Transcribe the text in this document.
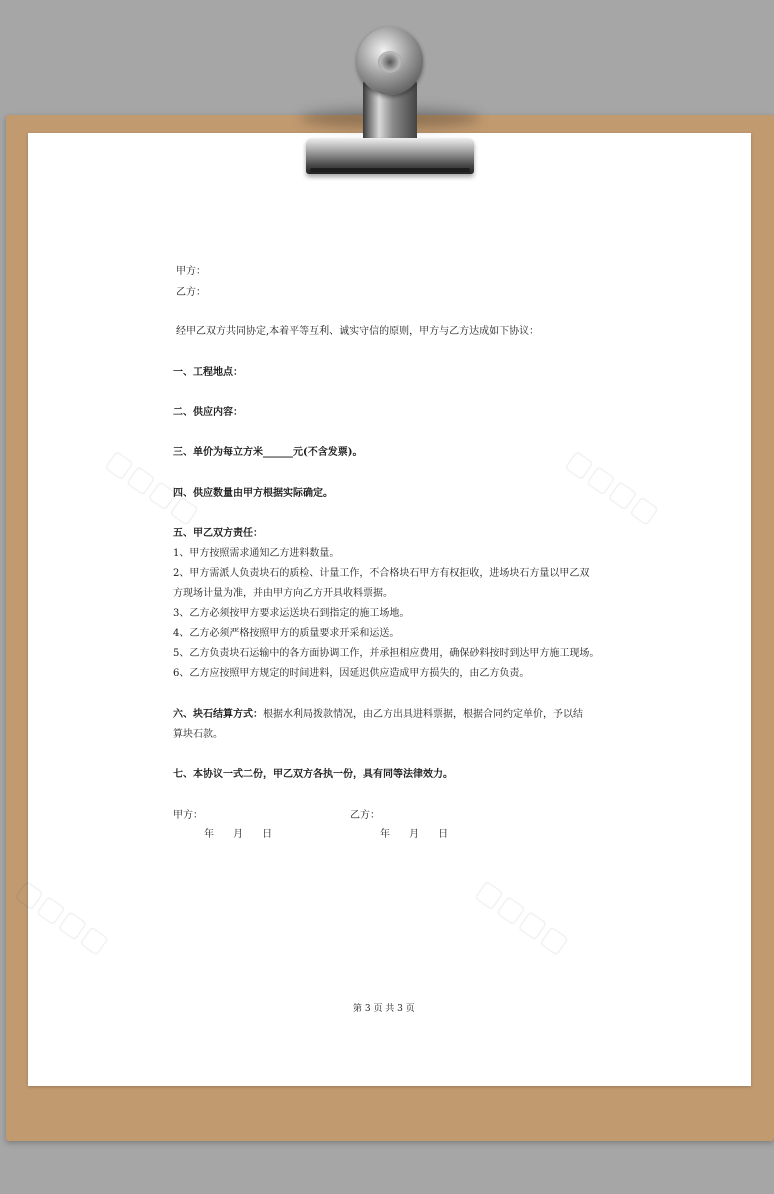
▢▢▢▢	▢▢▢▢
▢▢▢▢	▢▢▢▢
甲方：
乙方：
经甲乙双方共同协定,本着平等互利、诚实守信的原则，甲方与乙方达成如下协议：
一、工程地点：
二、供应内容：
三、单价为每立方米______元(不含发票)。
四、供应数量由甲方根据实际确定。
五、甲乙双方责任：
1、甲方按照需求通知乙方进料数量。
2、甲方需派人负责块石的质检、计量工作，不合格块石甲方有权拒收，进场块石方量以甲乙双
方现场计量为准，并由甲方向乙方开具收料票据。
3、乙方必须按甲方要求运送块石到指定的施工场地。
4、乙方必须严格按照甲方的质量要求开采和运送。
5、乙方负责块石运输中的各方面协调工作，并承担相应费用，确保砂料按时到达甲方施工现场。
6、乙方应按照甲方规定的时间进料，因延迟供应造成甲方损失的，由乙方负责。
六、块石结算方式：根据水利局拨款情况，由乙方出具进料票据，根据合同约定单价，予以结
算块石款。
七、本协议一式二份，甲乙双方各执一份，具有同等法律效力。
甲方：	乙方：
年      月      日	年      月      日
第 3 页 共 3 页
